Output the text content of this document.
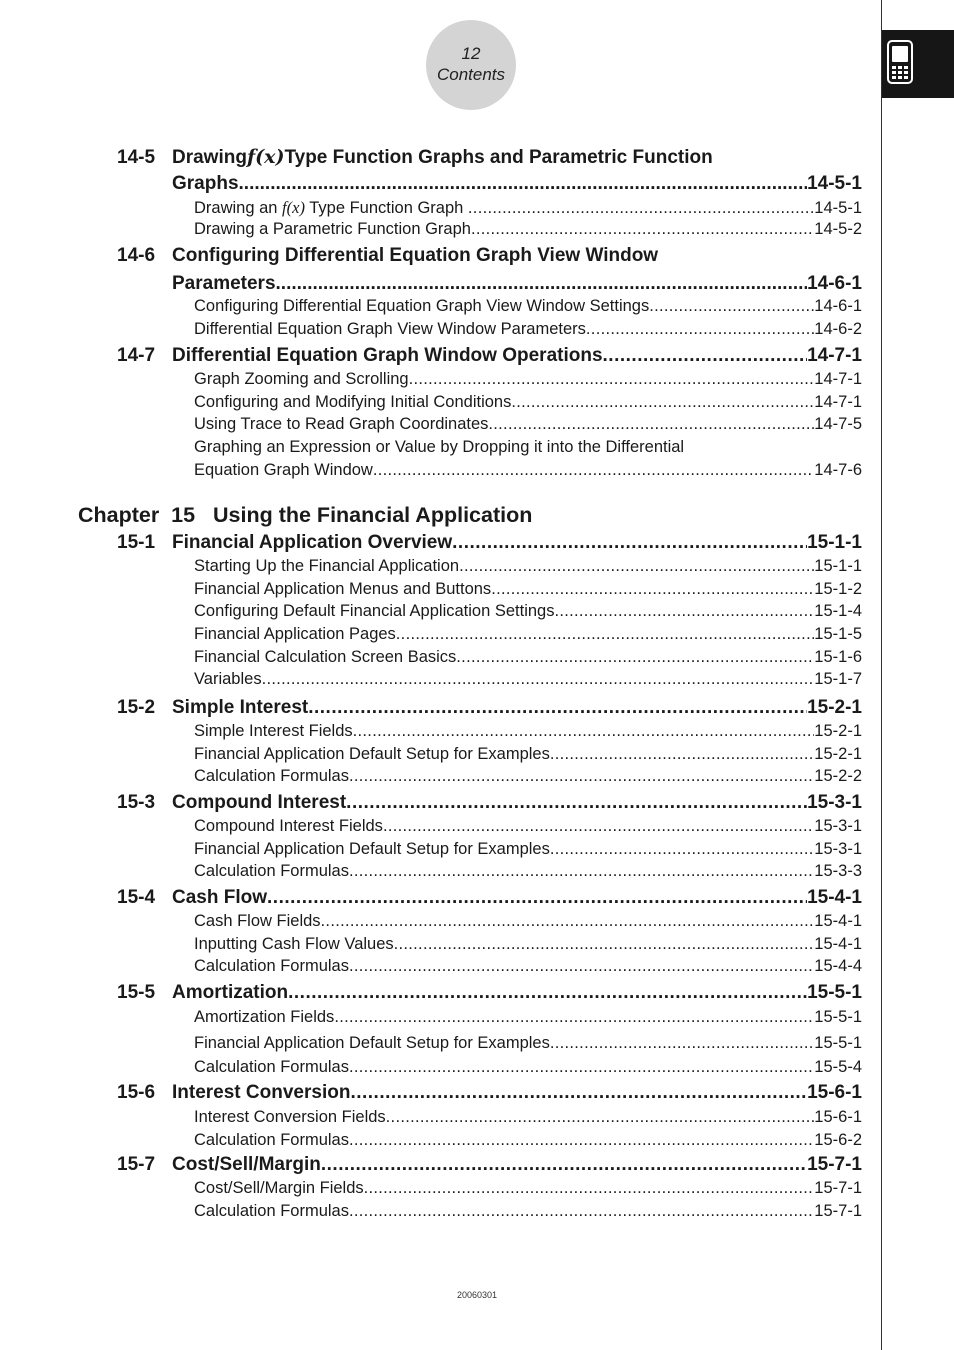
12
Contents
14-5 Drawing f(x) Type Function Graphs and Parametric Function
Graphs .....	14-5-1
Drawing an f(x) Type Function Graph .....	14-5-1
Drawing a Parametric Function Graph .....	14-5-2
14-6 Configuring Differential Equation Graph View Window
Parameters .....	14-6-1
Configuring Differential Equation Graph View Window Settings .....	14-6-1
Differential Equation Graph View Window Parameters .....	14-6-2
14-7 Differential Equation Graph Window Operations .....	14-7-1
Graph Zooming and Scrolling .....	14-7-1
Configuring and Modifying Initial Conditions .....	14-7-1
Using Trace to Read Graph Coordinates .....	14-7-5
Graphing an Expression or Value by Dropping it into the Differential
Equation Graph Window .....	14-7-6
Chapter  15   Using the Financial Application
15-1 Financial Application Overview .....	15-1-1
Starting Up the Financial Application .....	15-1-1
Financial Application Menus and Buttons .....	15-1-2
Configuring Default Financial Application Settings .....	15-1-4
Financial Application Pages .....	15-1-5
Financial Calculation Screen Basics .....	15-1-6
Variables .....	15-1-7
15-2 Simple Interest .....	15-2-1
Simple Interest Fields .....	15-2-1
Financial Application Default Setup for Examples .....	15-2-1
Calculation Formulas .....	15-2-2
15-3 Compound Interest .....	15-3-1
Compound Interest Fields .....	15-3-1
Financial Application Default Setup for Examples .....	15-3-1
Calculation Formulas .....	15-3-3
15-4 Cash Flow .....	15-4-1
Cash Flow Fields .....	15-4-1
Inputting Cash Flow Values .....	15-4-1
Calculation Formulas .....	15-4-4
15-5 Amortization .....	15-5-1
Amortization Fields .....	15-5-1
Financial Application Default Setup for Examples .....	15-5-1
Calculation Formulas .....	15-5-4
15-6 Interest Conversion .....	15-6-1
Interest Conversion Fields .....	15-6-1
Calculation Formulas .....	15-6-2
15-7 Cost/Sell/Margin .....	15-7-1
Cost/Sell/Margin Fields .....	15-7-1
Calculation Formulas .....	15-7-1
20060301
